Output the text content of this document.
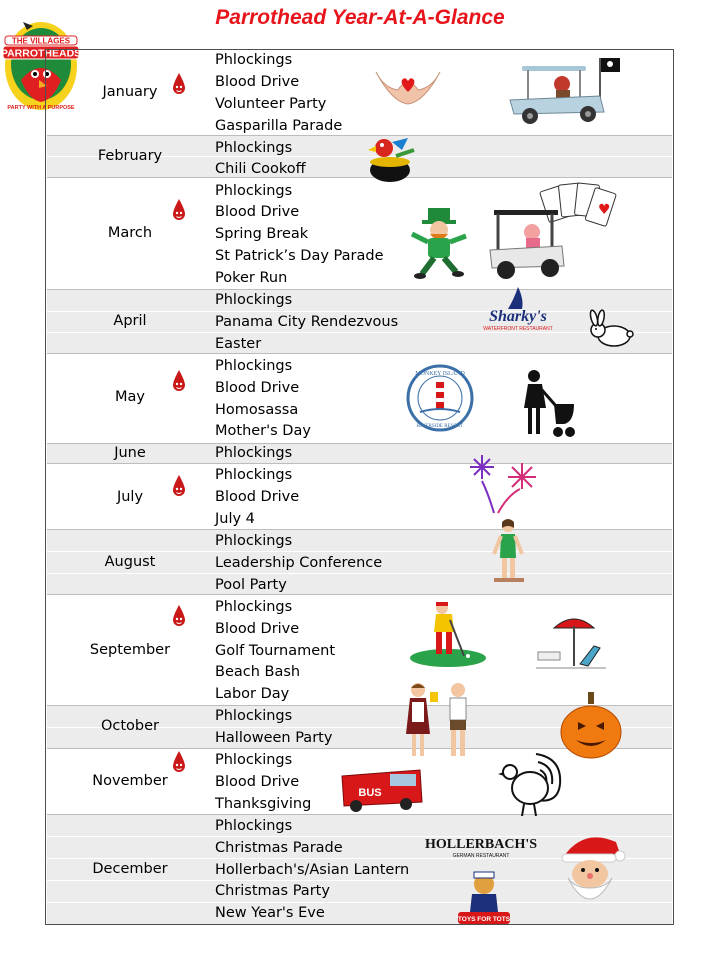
Parrothead Year-At-A-Glance
THE VILLAGES
PARROTHEADS
PARTY WITH A PURPOSE
January
Phlockings
Blood Drive
Volunteer Party
Gasparilla Parade
February	Phlockings
Chili Cookoff
March
Phlockings
Blood Drive
Spring Break
St Patrick’s Day Parade
Poker Run
April
Phlockings
Panama City Rendezvous
Easter
May
Phlockings
Blood Drive
Homosassa
Mother's Day
June	Phlockings
July
Phlockings
Blood Drive
July 4
August
Phlockings
Leadership Conference
Pool Party
September
Phlockings
Blood Drive
Golf Tournament
Beach Bash
Labor Day
October
Phlockings
Halloween Party
November
Phlockings
Blood Drive
Thanksgiving
December
Phlockings
Christmas Parade
Hollerbach's/Asian Lantern
Christmas Party
New Year's Eve
♥
Sharky's
WATERFRONT RESTAURANT
MONKEY ISLAND
RIVERSIDE RESORT
BUS
HOLLERBACH'S
GERMAN RESTAURANT
TOYS FOR TOTS
